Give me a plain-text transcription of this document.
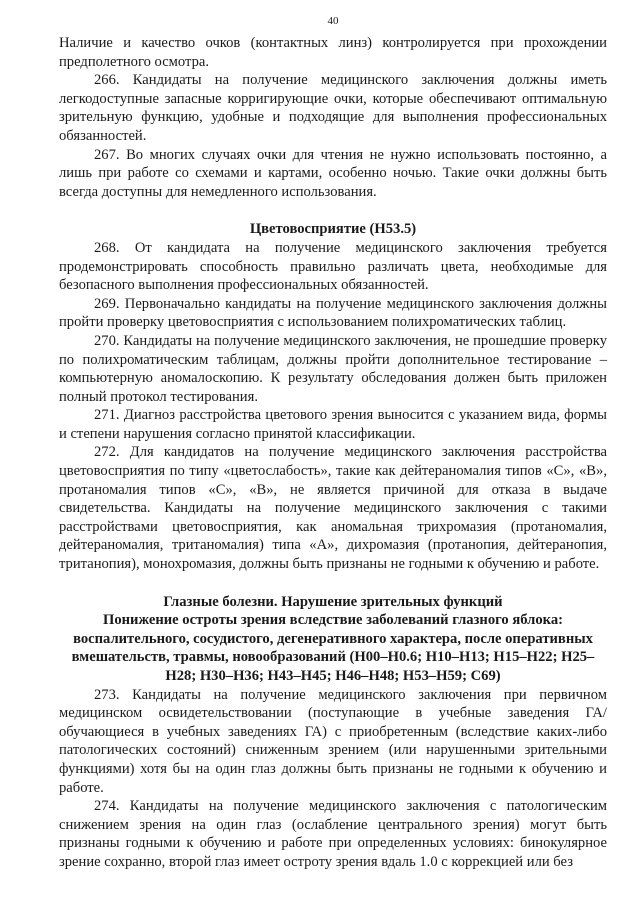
40

Наличие и качество очков (контактных линз) контролируется при прохождении предполетного осмотра.

266. Кандидаты на получение медицинского заключения должны иметь легкодоступные запасные корригирующие очки, которые обеспечивают оптимальную зрительную функцию, удобные и подходящие для выполнения профессиональных обязанностей.

267. Во многих случаях очки для чтения не нужно использовать постоянно, а лишь при работе со схемами и картами, особенно ночью. Такие очки должны быть всегда доступны для немедленного использования.

Цветовосприятие (Н53.5)

268. От кандидата на получение медицинского заключения требуется продемонстрировать способность правильно различать цвета, необходимые для безопасного выполнения профессиональных обязанностей.

269. Первоначально кандидаты на получение медицинского заключения должны пройти проверку цветовосприятия с использованием полихроматических таблиц.

270. Кандидаты на получение медицинского заключения, не прошедшие проверку по полихроматическим таблицам, должны пройти дополнительное тестирование – компьютерную аномалоскопию. К результату обследования должен быть приложен полный протокол тестирования.

271. Диагноз расстройства цветового зрения выносится с указанием вида, формы и степени нарушения согласно принятой классификации.

272. Для кандидатов на получение медицинского заключения расстройства цветовосприятия по типу «цветослабость», такие как дейтераномалия типов «С», «В», протаномалия типов «С», «В», не является причиной для отказа в выдаче свидетельства. Кандидаты на получение медицинского заключения с такими расстройствами цветовосприятия, как аномальная трихромазия (протаномалия, дейтераномалия, тританомалия) типа «А», дихромазия (протанопия, дейтеранопия, тританопия), монохромазия, должны быть признаны не годными к обучению и работе.

Глазные болезни. Нарушение зрительных функций

Понижение остроты зрения вследствие заболеваний глазного яблока: воспалительного, сосудистого, дегенеративного характера, после оперативных вмешательств, травмы, новообразований (Н00–Н0.6; Н10–Н13; Н15–Н22; Н25–Н28; Н30–Н36; Н43–Н45; Н46–Н48; Н53–Н59; С69)

273. Кандидаты на получение медицинского заключения при первичном медицинском освидетельствовании (поступающие в учебные заведения ГА/ обучающиеся в учебных заведениях ГА) с приобретенным (вследствие каких-либо патологических состояний) сниженным зрением (или нарушенными зрительными функциями) хотя бы на один глаз должны быть признаны не годными к обучению и работе.

274. Кандидаты на получение медицинского заключения с патологическим снижением зрения на один глаз (ослабление центрального зрения) могут быть признаны годными к обучению и работе при определенных условиях: бинокулярное зрение сохранно, второй глаз имеет остроту зрения вдаль 1.0 с коррекцией или без
